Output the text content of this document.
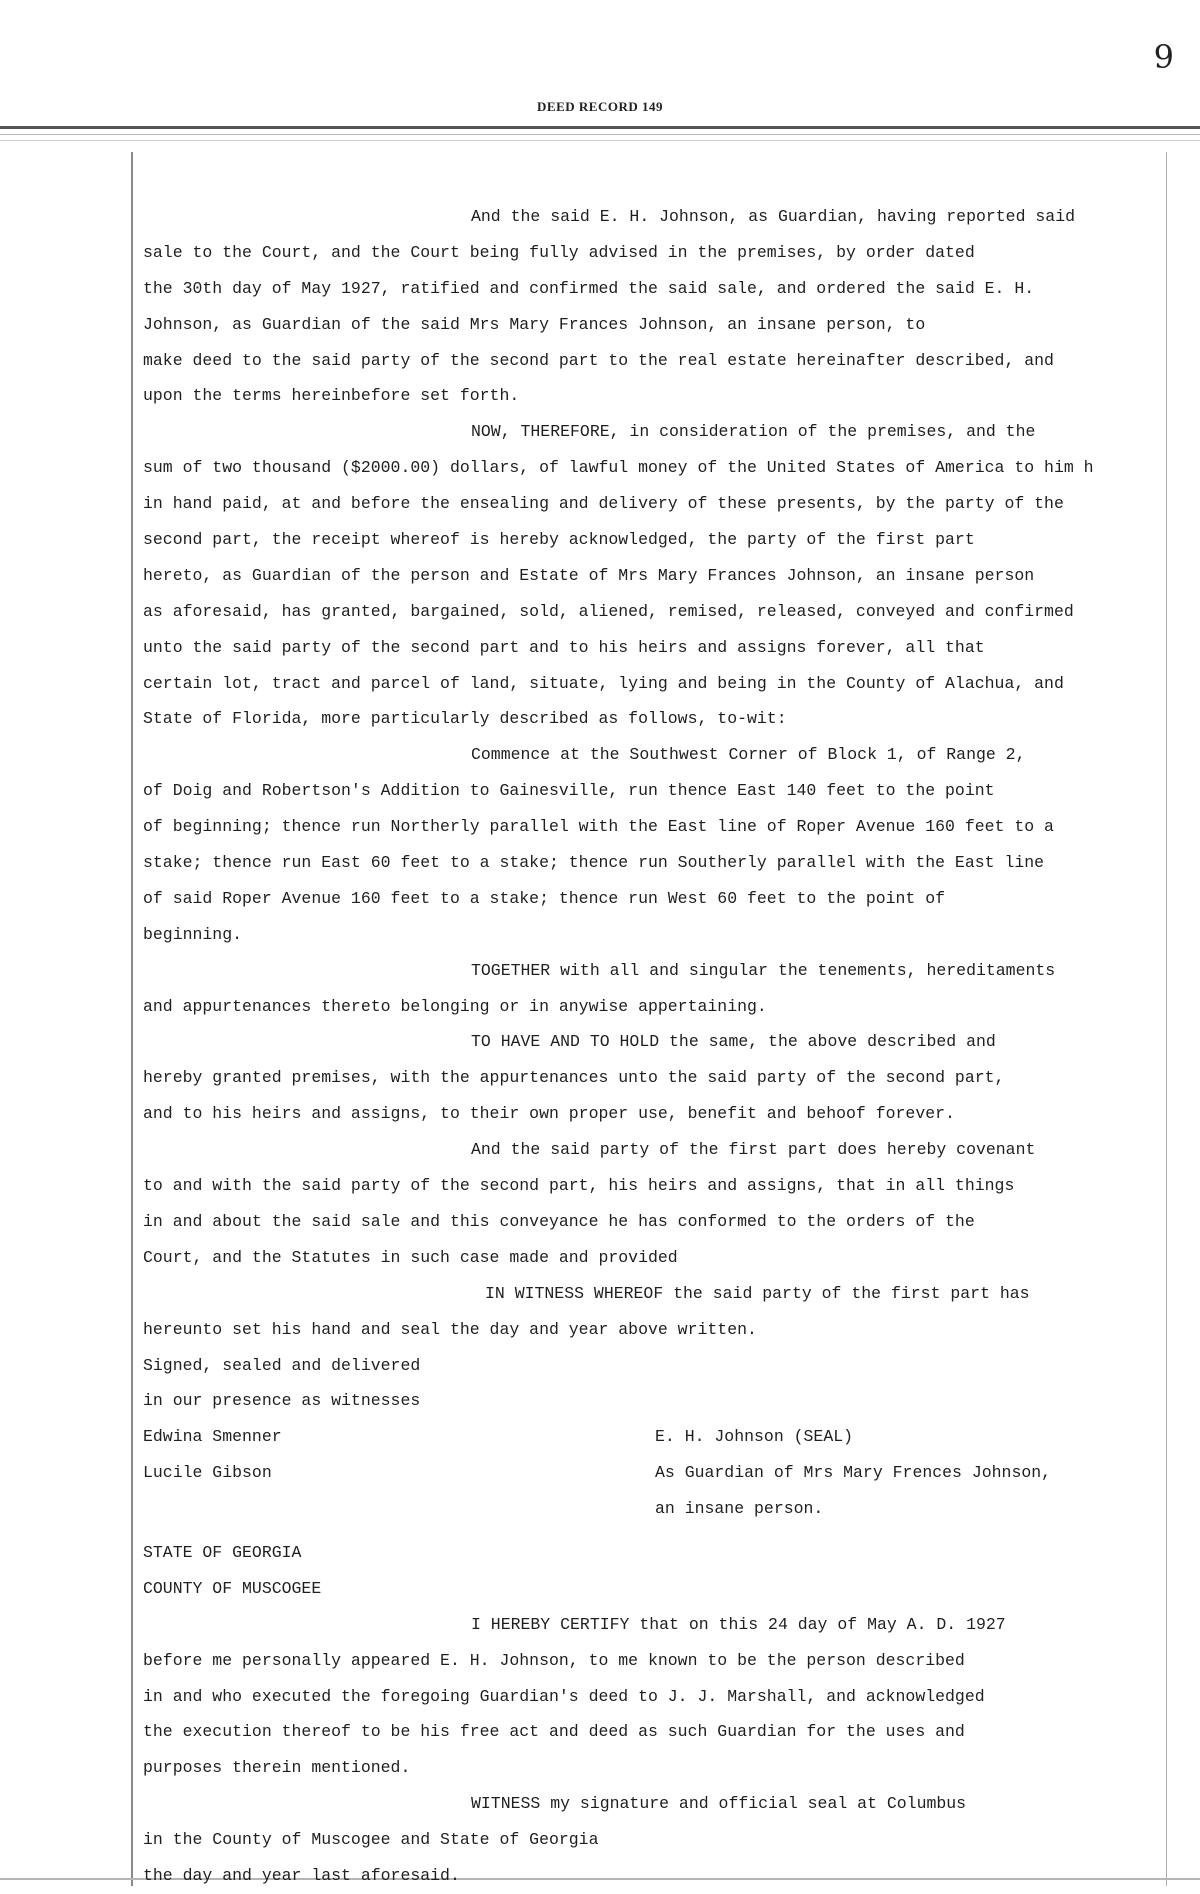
9
DEED RECORD 149
And the said E. H. Johnson, as Guardian, having reported said
sale to the Court, and the Court being fully advised in the premises, by order dated
the 30th day of May 1927, ratified and confirmed the said sale, and ordered the said E. H.
Johnson, as Guardian of the said Mrs Mary Frances Johnson, an insane person, to
make deed to the said party of the second part to the real estate hereinafter described, and
upon the terms hereinbefore set forth.
NOW, THEREFORE, in consideration of the premises, and the
sum of two thousand ($2000.00) dollars, of lawful money of the United States of America to him h
in hand paid, at and before the ensealing and delivery of these presents, by the party of the
second part, the receipt whereof is hereby acknowledged, the party of the first part
hereto, as Guardian of the person and Estate of Mrs Mary Frances Johnson, an insane person
as aforesaid, has granted, bargained, sold, aliened, remised, released, conveyed and confirmed
unto the said party of the second part and to his heirs and assigns forever, all that
certain lot, tract and parcel of land, situate, lying and being in the County of Alachua, and
State of Florida, more particularly described as follows, to-wit:
Commence at the Southwest Corner of Block 1, of Range 2,
of Doig and Robertson's Addition to Gainesville, run thence East 140 feet to the point
of beginning; thence run Northerly parallel with the East line of Roper Avenue 160 feet to a
stake; thence run East 60 feet to a stake; thence run Southerly parallel with the East line
of said Roper Avenue 160 feet to a stake; thence run West 60 feet to the point of
beginning.
TOGETHER with all and singular the tenements, hereditaments
and appurtenances thereto belonging or in anywise appertaining.
TO HAVE AND TO HOLD the same, the above described and
hereby granted premises, with the appurtenances unto the said party of the second part,
and to his heirs and assigns, to their own proper use, benefit and behoof forever.
And the said party of the first part does hereby covenant
to and with the said party of the second part, his heirs and assigns, that in all things
in and about the said sale and this conveyance he has conformed to the orders of the
Court, and the Statutes in such case made and provided
IN WITNESS WHEREOF the said party of the first part has
hereunto set his hand and seal the day and year above written.
Signed, sealed and delivered
in our presence as witnesses
Edwina Smenner	E. H. Johnson (SEAL)
Lucile Gibson	As Guardian of Mrs Mary Frences Johnson,
an insane person.
STATE OF GEORGIA
COUNTY OF MUSCOGEE
I HEREBY CERTIFY that on this 24 day of May A. D. 1927
before me personally appeared E. H. Johnson, to me known to be the person described
in and who executed the foregoing Guardian's deed to J. J. Marshall, and acknowledged
the execution thereof to be his free act and deed as such Guardian for the uses and
purposes therein mentioned.
WITNESS my signature and official seal at Columbus
in the County of Muscogee and State of Georgia
the day and year last aforesaid.
